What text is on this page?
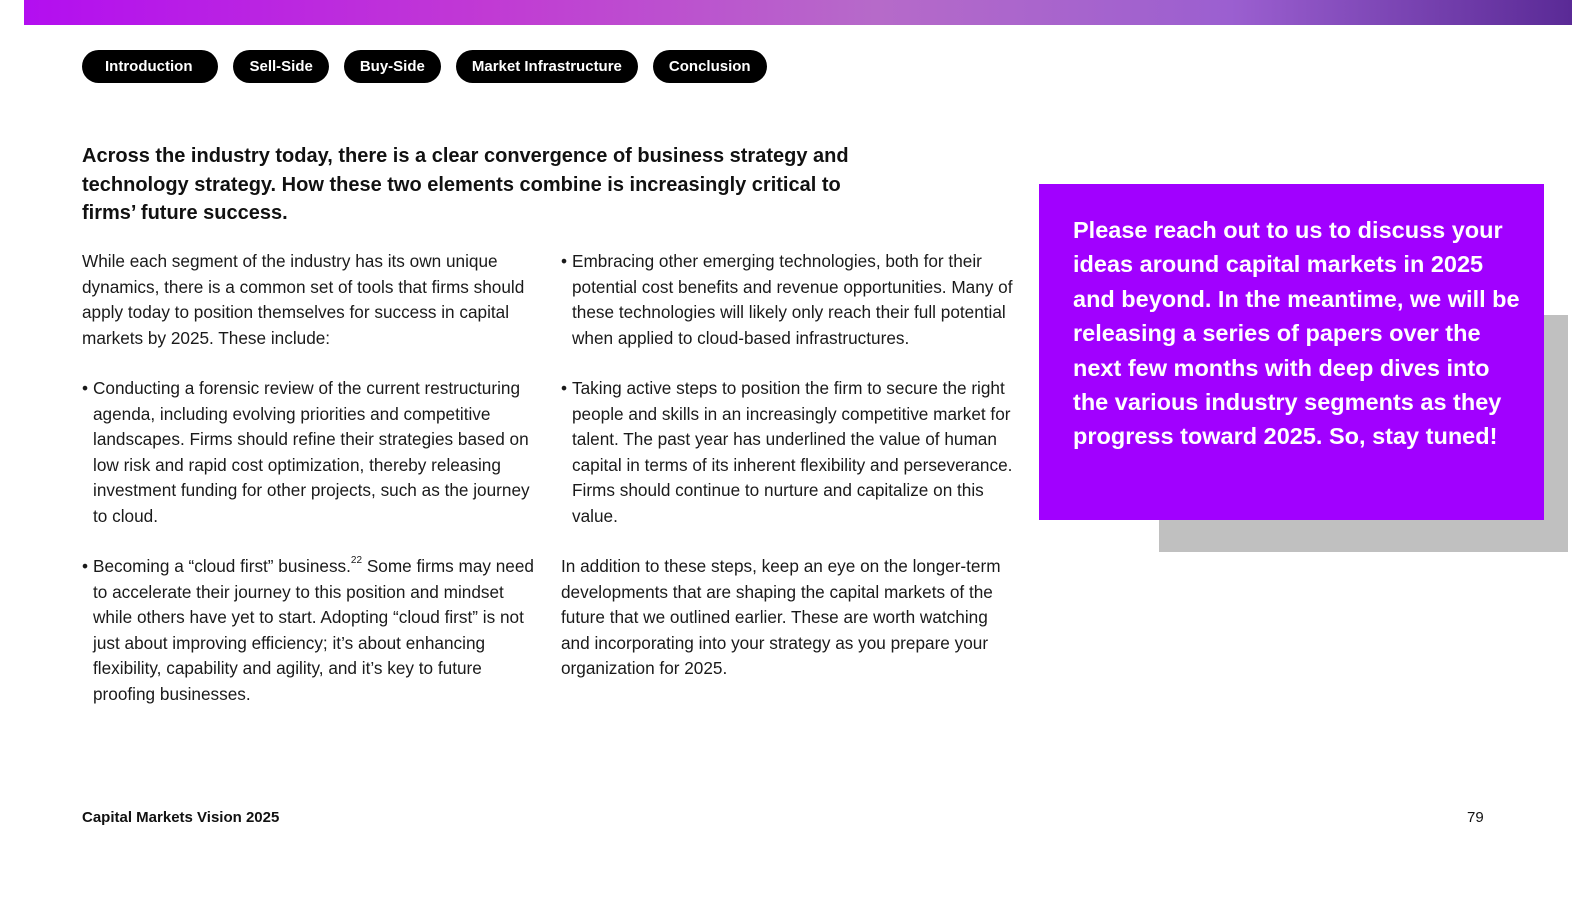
Introduction	Sell-Side	Buy-Side	Market Infrastructure	Conclusion

Across the industry today, there is a clear convergence of business strategy and technology strategy. How these two elements combine is increasingly critical to firms’ future success.

While each segment of the industry has its own unique dynamics, there is a common set of tools that firms should apply today to position themselves for success in capital markets by 2025. These include:

• Conducting a forensic review of the current restructuring agenda, including evolving priorities and competitive landscapes. Firms should refine their strategies based on low risk and rapid cost optimization, thereby releasing investment funding for other projects, such as the journey to cloud.

• Becoming a “cloud first” business.$^{22}$ Some firms may need to accelerate their journey to this position and mindset while others have yet to start. Adopting “cloud first” is not just about improving efficiency; it’s about enhancing flexibility, capability and agility, and it’s key to future proofing businesses.

• Embracing other emerging technologies, both for their potential cost benefits and revenue opportunities. Many of these technologies will likely only reach their full potential when applied to cloud-based infrastructures.

• Taking active steps to position the firm to secure the right people and skills in an increasingly competitive market for talent. The past year has underlined the value of human capital in terms of its inherent flexibility and perseverance. Firms should continue to nurture and capitalize on this value.

In addition to these steps, keep an eye on the longer-term developments that are shaping the capital markets of the future that we outlined earlier. These are worth watching and incorporating into your strategy as you prepare your organization for 2025.

Please reach out to us to discuss your ideas around capital markets in 2025 and beyond. In the meantime, we will be releasing a series of papers over the next few months with deep dives into the various industry segments as they progress toward 2025. So, stay tuned!

Capital Markets Vision 2025	79
